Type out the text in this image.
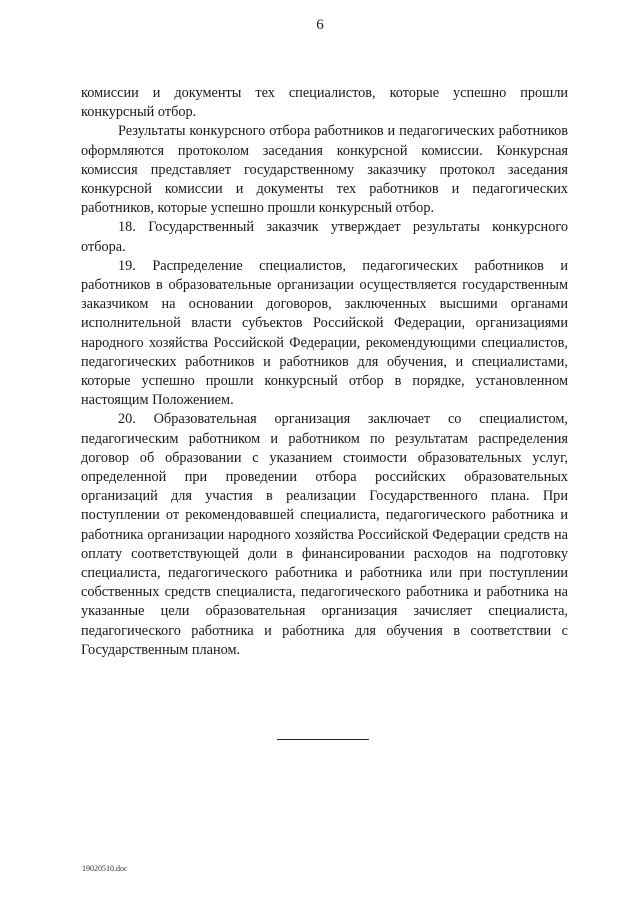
6

комиссии и документы тех специалистов, которые успешно прошли конкурсный отбор.

Результаты конкурсного отбора работников и педагогических работников оформляются протоколом заседания конкурсной комиссии. Конкурсная комиссия представляет государственному заказчику протокол заседания конкурсной комиссии и документы тех работников и педагогических работников, которые успешно прошли конкурсный отбор.

18. Государственный заказчик утверждает результаты конкурсного отбора.

19. Распределение специалистов, педагогических работников и работников в образовательные организации осуществляется государственным заказчиком на основании договоров, заключенных высшими органами исполнительной власти субъектов Российской Федерации, организациями народного хозяйства Российской Федерации, рекомендующими специалистов, педагогических работников и работников для обучения, и специалистами, которые успешно прошли конкурсный отбор в порядке, установленном настоящим Положением.

20. Образовательная организация заключает со специалистом, педагогическим работником и работником по результатам распределения договор об образовании с указанием стоимости образовательных услуг, определенной при проведении отбора российских образовательных организаций для участия в реализации Государственного плана. При поступлении от рекомендовавшей специалиста, педагогического работника и работника организации народного хозяйства Российской Федерации средств на оплату соответствующей доли в финансировании расходов на подготовку специалиста, педагогического работника и работника или при поступлении собственных средств специалиста, педагогического работника и работника на указанные цели образовательная организация зачисляет специалиста, педагогического работника и работника для обучения в соответствии с Государственным планом.

19020510.doc
